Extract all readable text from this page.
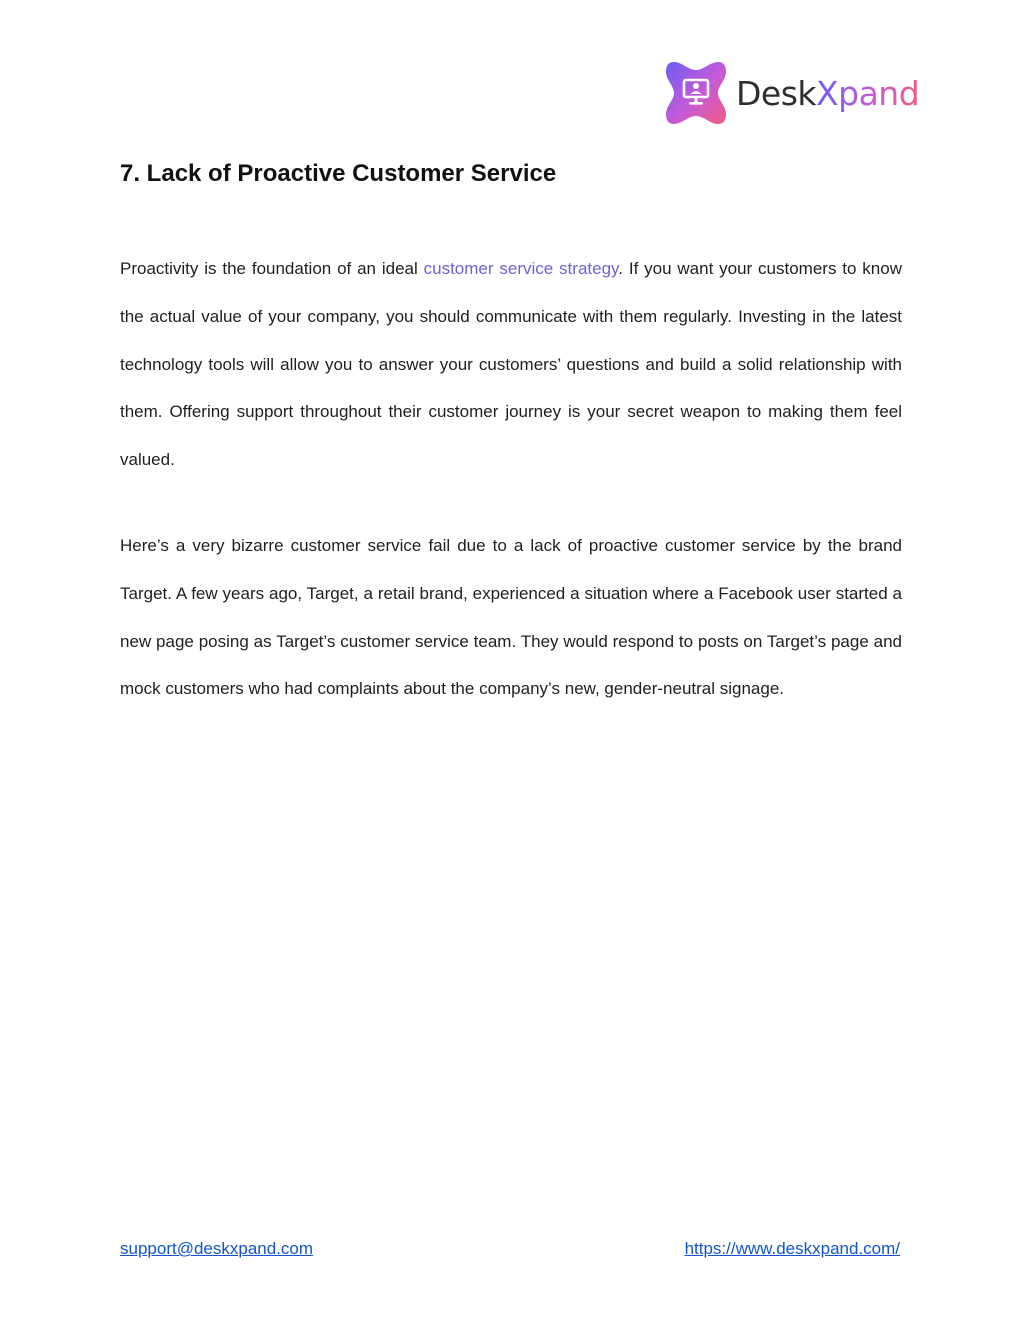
DeskXpand
7. Lack of Proactive Customer Service

Proactivity is the foundation of an ideal customer service strategy. If you want your customers to know the actual value of your company, you should communicate with them regularly. Investing in the latest technology tools will allow you to answer your customers’ questions and build a solid relationship with them. Offering support throughout their customer journey is your secret weapon to making them feel valued.

Here’s a very bizarre customer service fail due to a lack of proactive customer service by the brand Target. A few years ago, Target, a retail brand, experienced a situation where a Facebook user started a new page posing as Target’s customer service team. They would respond to posts on Target’s page and mock customers who had complaints about the company’s new, gender-neutral signage.

support@deskxpand.com	https://www.deskxpand.com/
